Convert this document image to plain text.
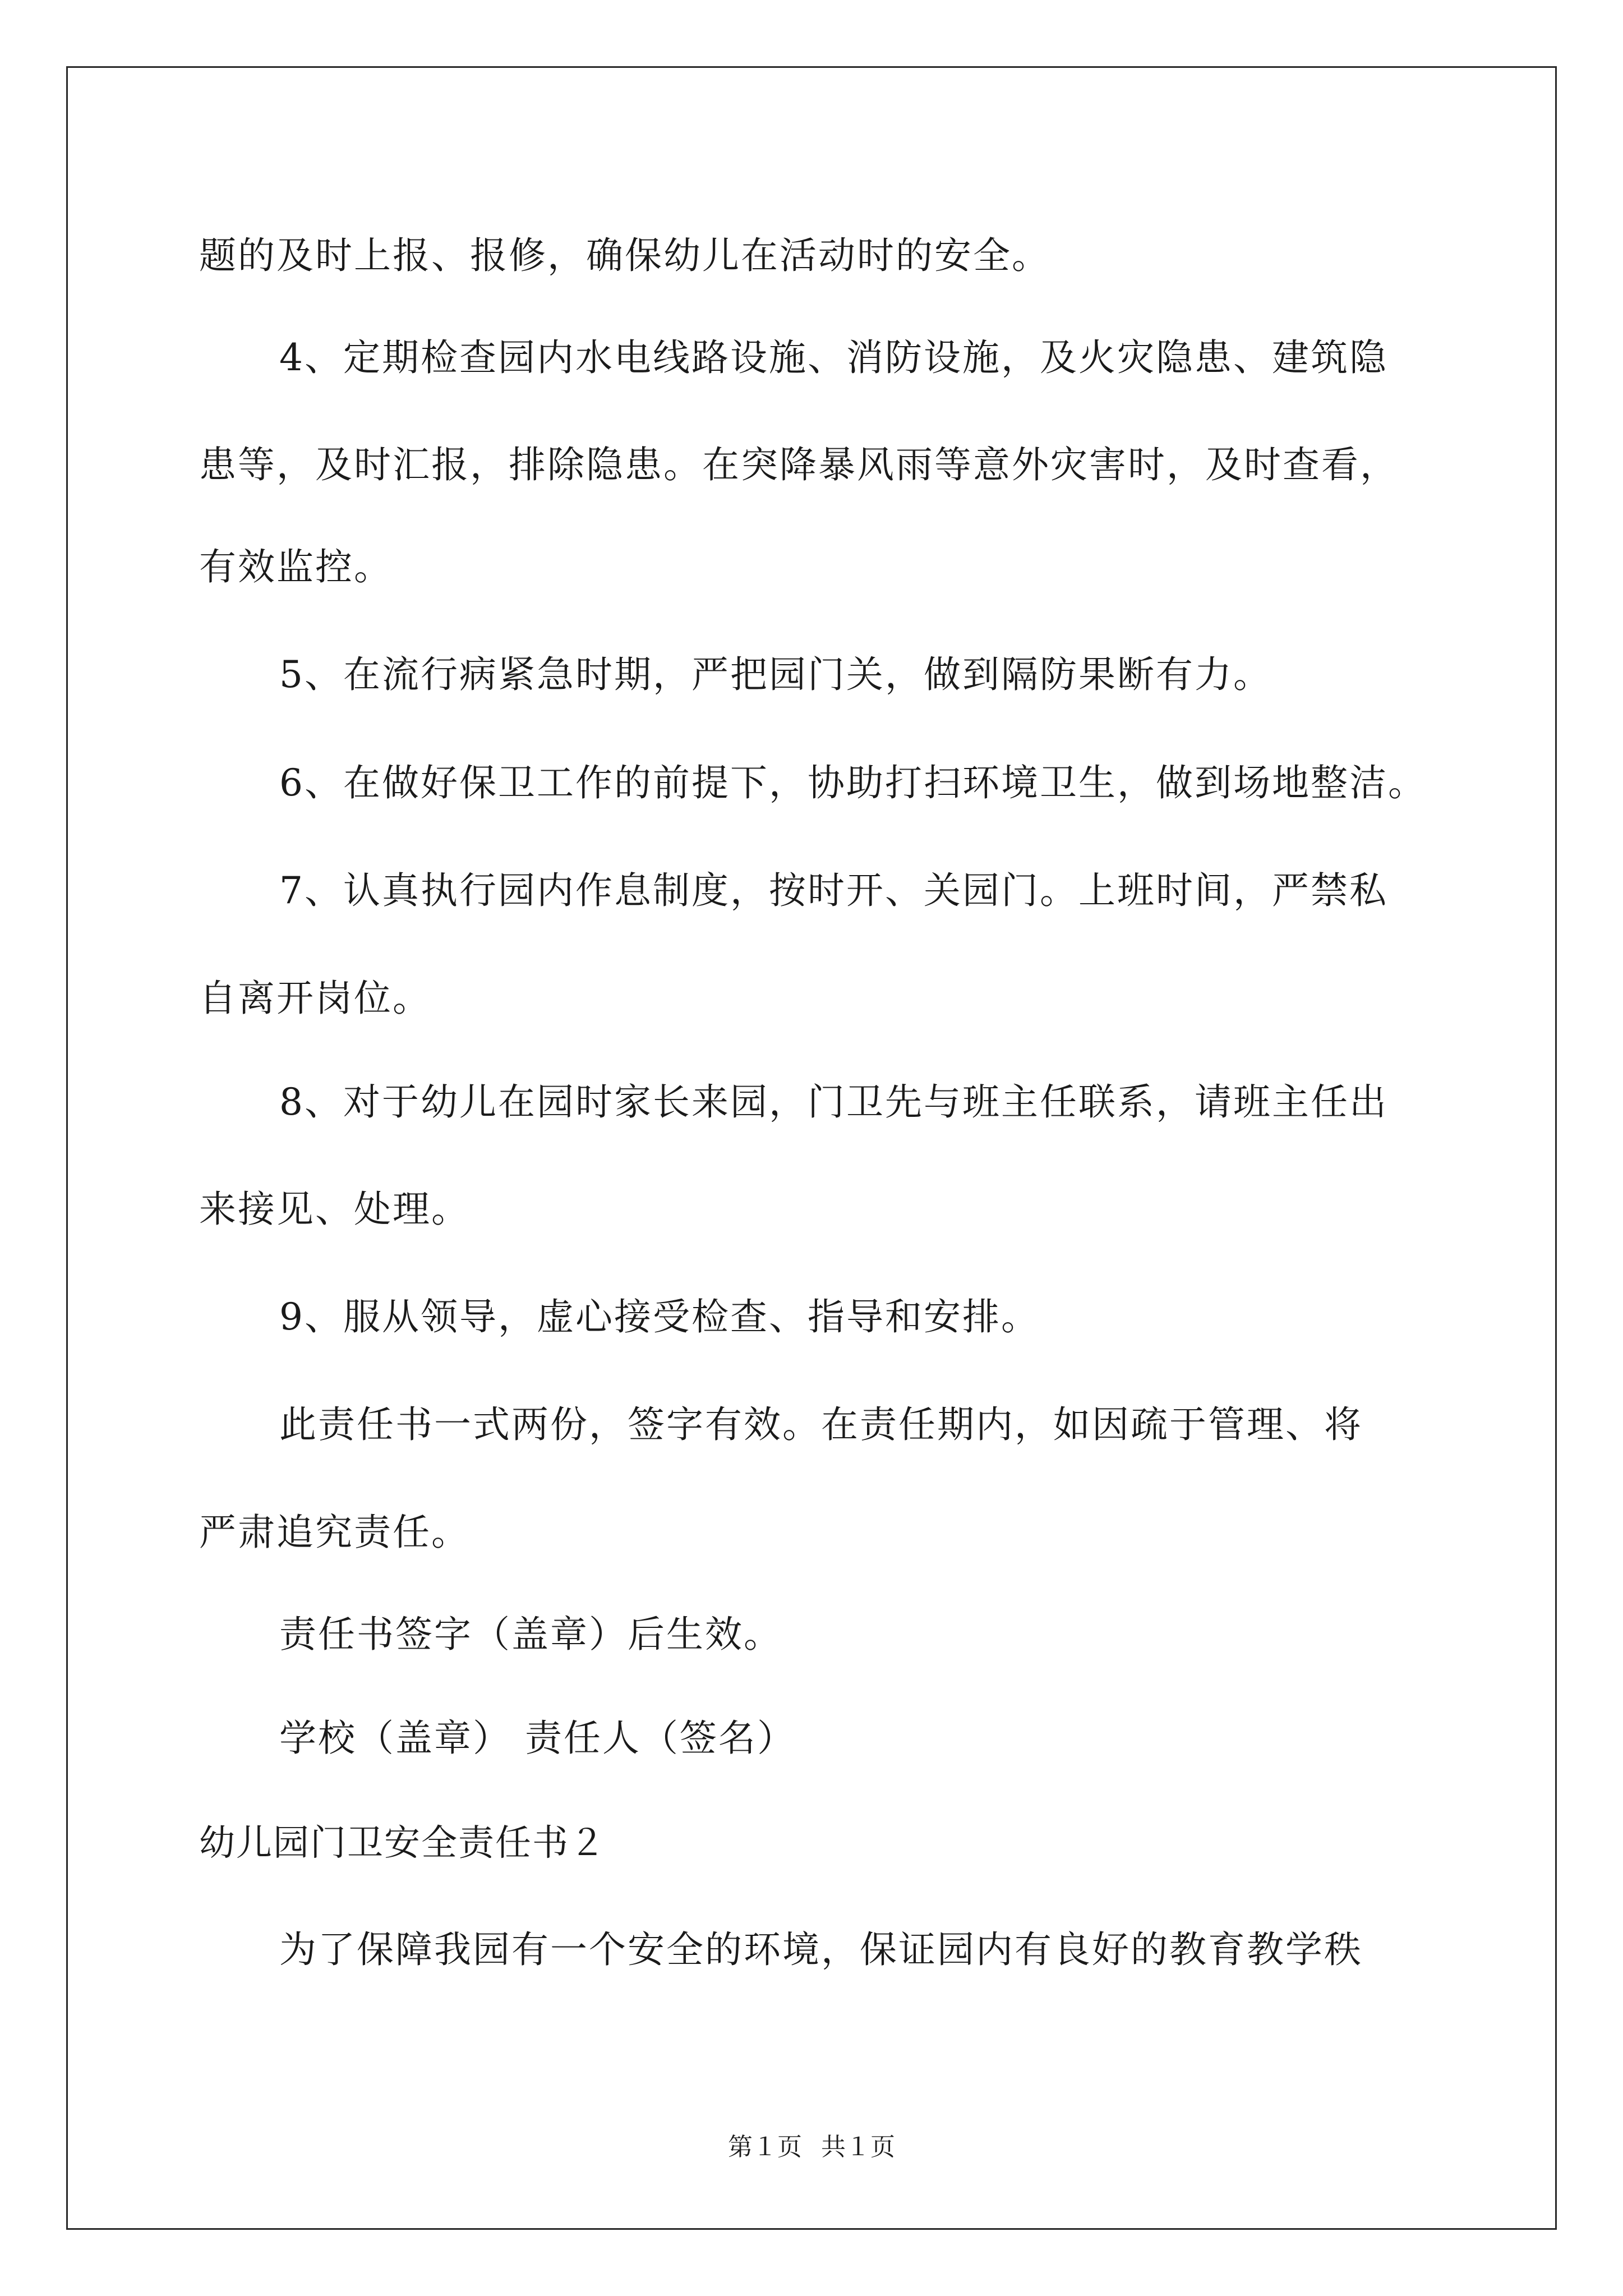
题的及时上报、报修，确保幼儿在活动时的安全。
4、定期检查园内水电线路设施、消防设施，及火灾隐患、建筑隐
患等，及时汇报，排除隐患。在突降暴风雨等意外灾害时，及时查看，
有效监控。
5、在流行病紧急时期，严把园门关，做到隔防果断有力。
6、在做好保卫工作的前提下，协助打扫环境卫生，做到场地整洁。
7、认真执行园内作息制度，按时开、关园门。上班时间，严禁私
自离开岗位。
8、对于幼儿在园时家长来园，门卫先与班主任联系，请班主任出
来接见、处理。
9、服从领导，虚心接受检查、指导和安排。
此责任书一式两份，签字有效。在责任期内，如因疏于管理、将
严肃追究责任。
责任书签字（盖章）后生效。
学校（盖章） 责任人（签名）
幼儿园门卫安全责任书２
为了保障我园有一个安全的环境，保证园内有良好的教育教学秩
第１页 共１页
